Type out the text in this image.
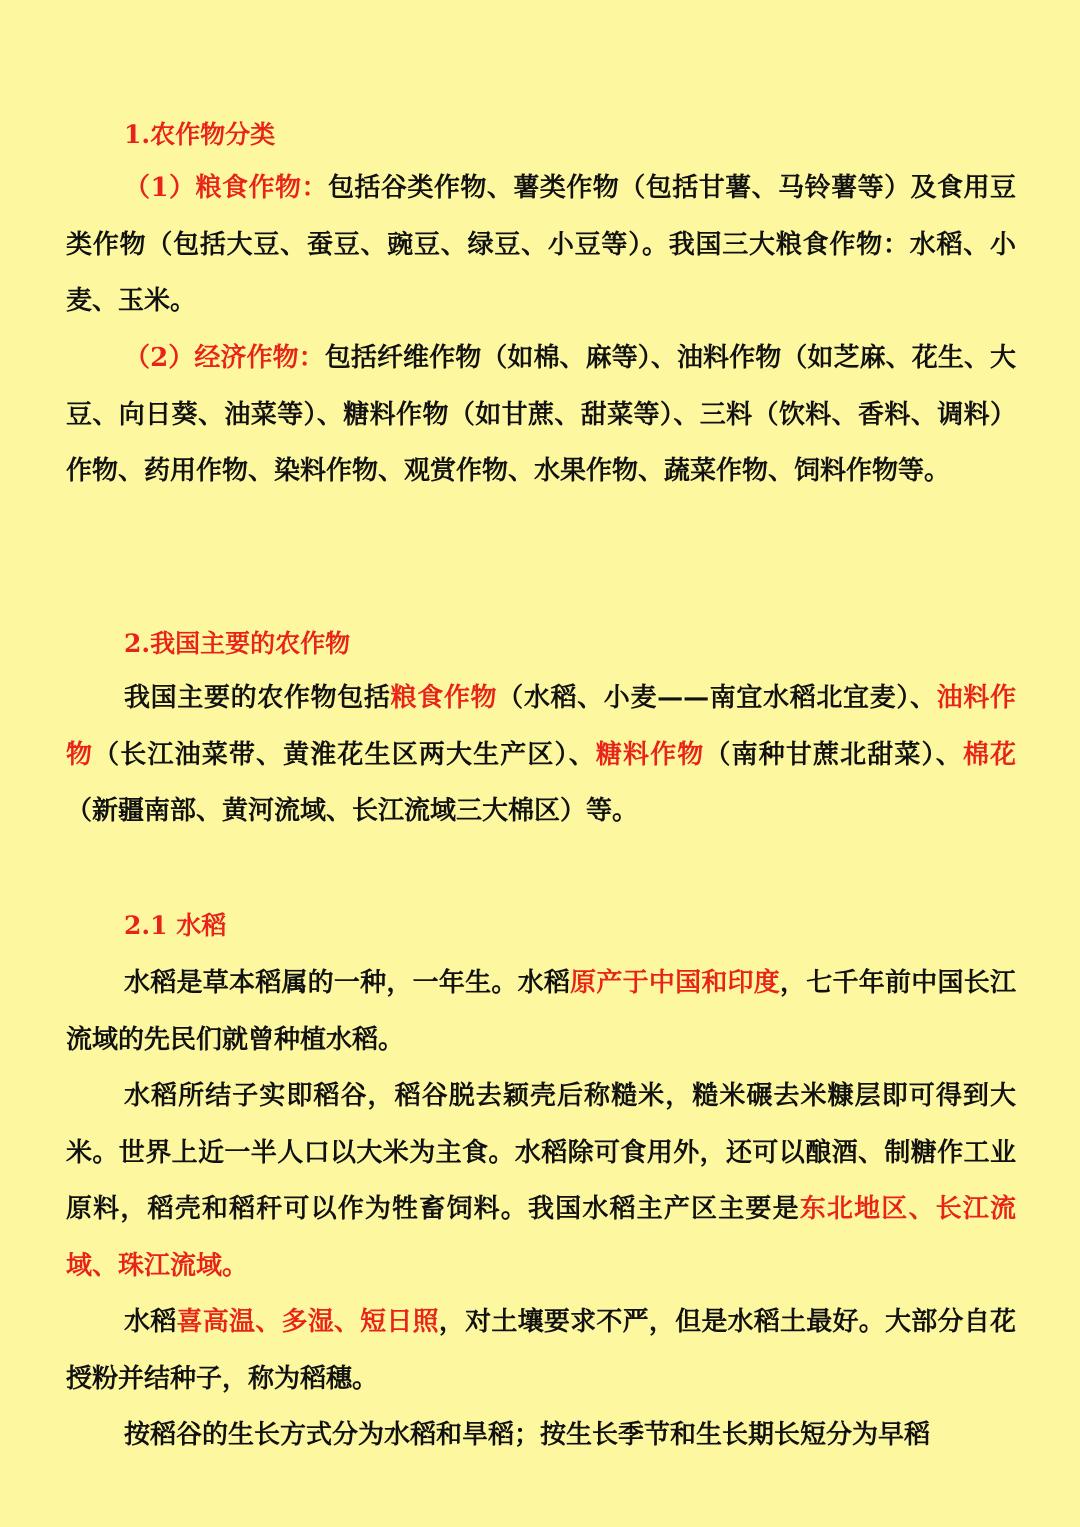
1.农作物分类

（1）粮食作物：包括谷类作物、薯类作物（包括甘薯、马铃薯等）及食用豆类作物（包括大豆、蚕豆、豌豆、绿豆、小豆等）。我国三大粮食作物：水稻、小麦、玉米。

（2）经济作物：包括纤维作物（如棉、麻等）、油料作物（如芝麻、花生、大豆、向日葵、油菜等）、糖料作物（如甘蔗、甜菜等）、三料（饮料、香料、调料）作物、药用作物、染料作物、观赏作物、水果作物、蔬菜作物、饲料作物等。

2.我国主要的农作物

我国主要的农作物包括粮食作物（水稻、小麦——南宜水稻北宜麦）、油料作物（长江油菜带、黄淮花生区两大生产区）、糖料作物（南种甘蔗北甜菜）、棉花（新疆南部、黄河流域、长江流域三大棉区）等。

2.1 水稻

水稻是草本稻属的一种，一年生。水稻原产于中国和印度，七千年前中国长江流域的先民们就曾种植水稻。

水稻所结子实即稻谷，稻谷脱去颖壳后称糙米，糙米碾去米糠层即可得到大米。世界上近一半人口以大米为主食。水稻除可食用外，还可以酿酒、制糖作工业原料，稻壳和稻秆可以作为牲畜饲料。我国水稻主产区主要是东北地区、长江流域、珠江流域。

水稻喜高温、多湿、短日照，对土壤要求不严，但是水稻土最好。大部分自花授粉并结种子，称为稻穗。

按稻谷的生长方式分为水稻和旱稻；按生长季节和生长期长短分为早稻
